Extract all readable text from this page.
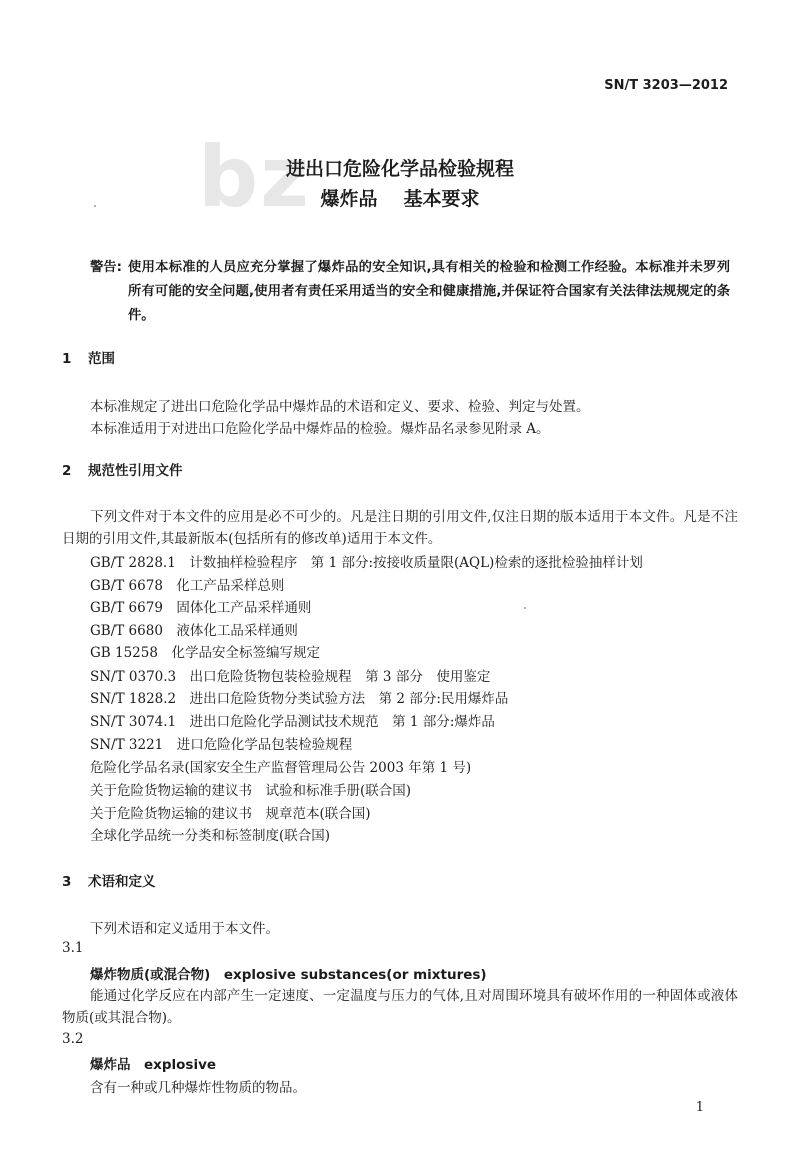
SN/T 3203—2012
bz
进出口危险化学品检验规程
爆炸品 基本要求
警告: 使用本标准的人员应充分掌握了爆炸品的安全知识,具有相关的检验和检测工作经验。本标准并未罗列所有可能的安全问题,使用者有责任采用适当的安全和健康措施,并保证符合国家有关法律法规规定的条件。
1 范围
本标准规定了进出口危险化学品中爆炸品的术语和定义、要求、检验、判定与处置。
本标准适用于对进出口危险化学品中爆炸品的检验。爆炸品名录参见附录 A。
2 规范性引用文件
下列文件对于本文件的应用是必不可少的。凡是注日期的引用文件,仅注日期的版本适用于本文件。凡是不注日期的引用文件,其最新版本(包括所有的修改单)适用于本文件。
GB/T 2828.1　计数抽样检验程序　第 1 部分:按接收质量限(AQL)检索的逐批检验抽样计划
GB/T 6678　化工产品采样总则
GB/T 6679　固体化工产品采样通则
GB/T 6680　液体化工品采样通则
GB 15258　化学品安全标签编写规定
SN/T 0370.3　出口危险货物包装检验规程　第 3 部分　使用鉴定
SN/T 1828.2　进出口危险货物分类试验方法　第 2 部分:民用爆炸品
SN/T 3074.1　进出口危险化学品测试技术规范　第 1 部分:爆炸品
SN/T 3221　进口危险化学品包装检验规程
危险化学品名录(国家安全生产监督管理局公告 2003 年第 1 号)
关于危险货物运输的建议书　试验和标准手册(联合国)
关于危险货物运输的建议书　规章范本(联合国)
全球化学品统一分类和标签制度(联合国)
3 术语和定义
下列术语和定义适用于本文件。
3.1
爆炸物质(或混合物)　explosive substances(or mixtures)
能通过化学反应在内部产生一定速度、一定温度与压力的气体,且对周围环境具有破坏作用的一种固体或液体物质(或其混合物)。
3.2
爆炸品　explosive
含有一种或几种爆炸性物质的物品。
1
